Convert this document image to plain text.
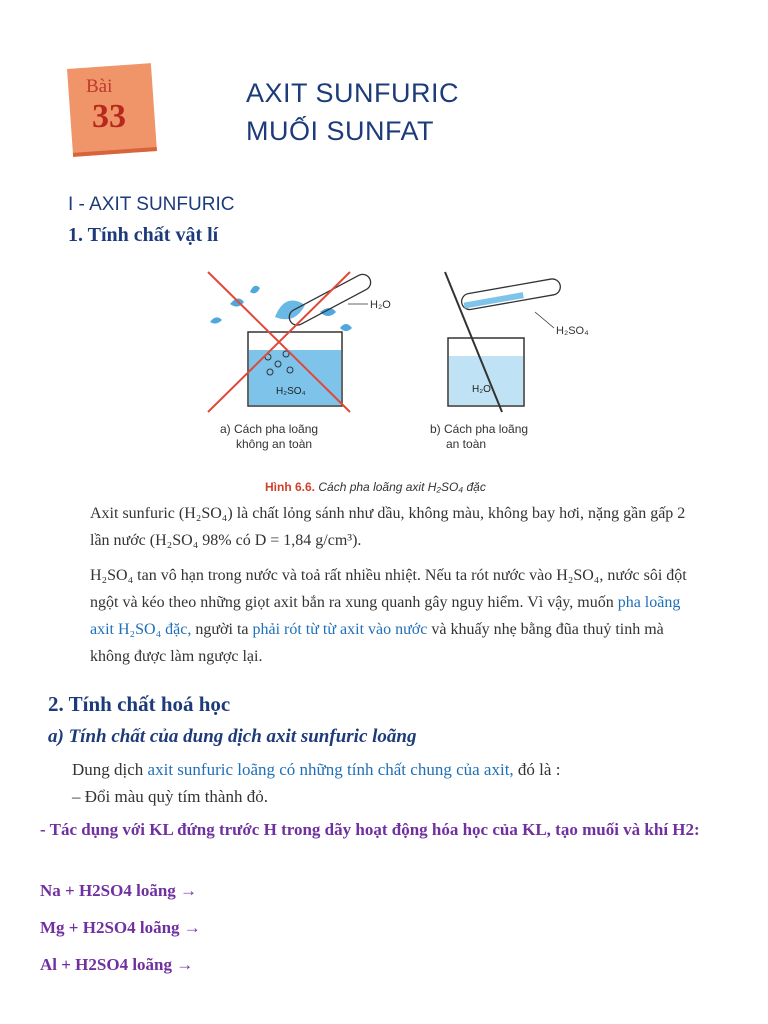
Bài
33
AXIT SUNFURIC
MUỐI SUNFAT
I - AXIT SUNFURIC
1. Tính chất vật lí
H₂O
H₂SO₄
H₂SO₄
H₂O
a) Cách pha loãng
không an toàn
b) Cách pha loãng
an toàn
Hình 6.6. Cách pha loãng axit H₂SO₄ đặc
Axit sunfuric (H₂SO₄) là chất lỏng sánh như dầu, không màu, không bay hơi, nặng gần gấp 2 lần nước (H₂SO₄ 98% có D = 1,84 g/cm³).
H₂SO₄ tan vô hạn trong nước và toả rất nhiều nhiệt. Nếu ta rót nước vào H₂SO₄, nước sôi đột ngột và kéo theo những giọt axit bắn ra xung quanh gây nguy hiểm. Vì vậy, muốn pha loãng axit H₂SO₄ đặc, người ta phải rót từ từ axit vào nước và khuấy nhẹ bằng đũa thuỷ tinh mà không được làm ngược lại.
2. Tính chất hoá học
a) Tính chất của dung dịch axit sunfuric loãng
Dung dịch axit sunfuric loãng có những tính chất chung của axit, đó là :
– Đổi màu quỳ tím thành đỏ.
- Tác dụng với KL đứng trước H trong dãy hoạt động hóa học của KL, tạo muối và khí H2:
Na + H2SO4 loãng →
Mg + H2SO4 loãng →
Al + H2SO4 loãng →
